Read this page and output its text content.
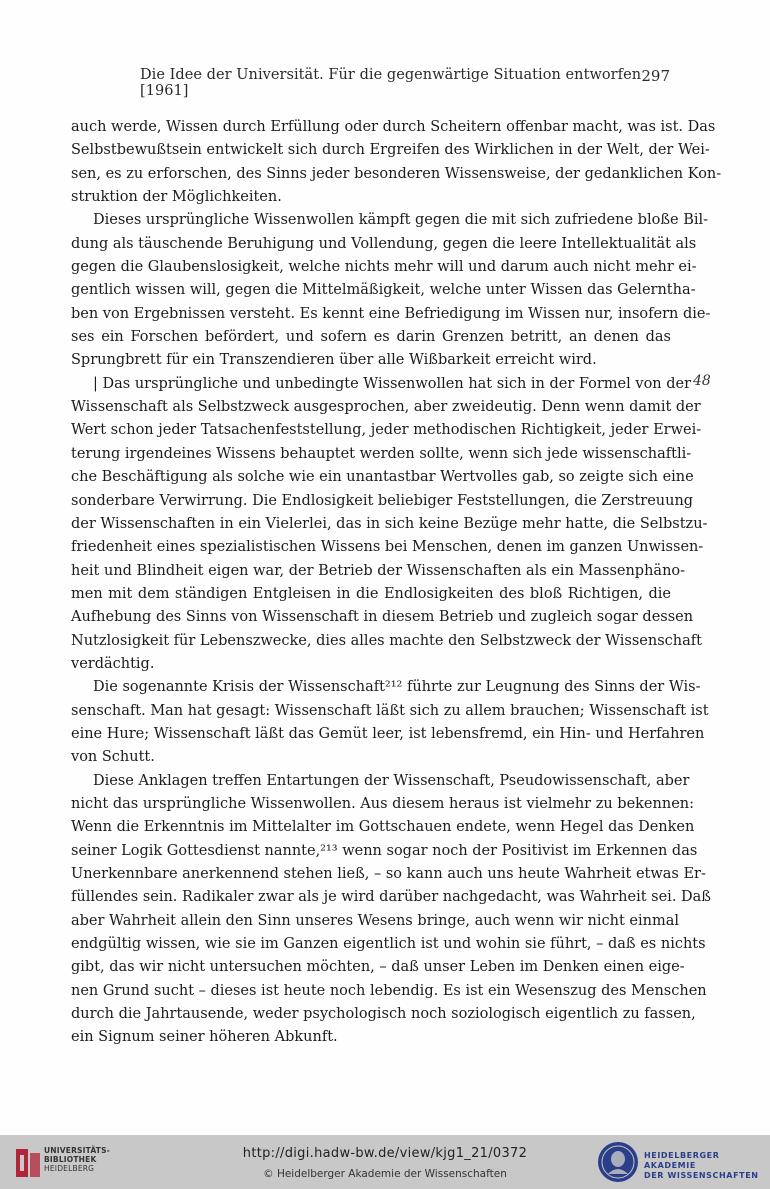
Die Idee der Universität. Für die gegenwärtige Situation entworfen [1961]
297
48
auch werde, Wissen durch Erfüllung oder durch Scheitern offenbar macht, was ist. Das
Selbstbewußtsein entwickelt sich durch Ergreifen des Wirklichen in der Welt, der Wei-
sen, es zu erforschen, des Sinns jeder besonderen Wissensweise, der gedanklichen Kon-
struktion der Möglichkeiten.
Dieses ursprüngliche Wissenwollen kämpft gegen die mit sich zufriedene bloße Bil-
dung als täuschende Beruhigung und Vollendung, gegen die leere Intellektualität als
gegen die Glaubenslosigkeit, welche nichts mehr will und darum auch nicht mehr ei-
gentlich wissen will, gegen die Mittelmäßigkeit, welche unter Wissen das Gelerntha-
ben von Ergebnissen versteht. Es kennt eine Befriedigung im Wissen nur, insofern die-
ses ein Forschen befördert, und sofern es darin Grenzen betritt, an denen das
Sprungbrett für ein Transzendieren über alle Wißbarkeit erreicht wird.
| Das ursprüngliche und unbedingte Wissenwollen hat sich in der Formel von der
Wissenschaft als Selbstzweck ausgesprochen, aber zweideutig. Denn wenn damit der
Wert schon jeder Tatsachenfeststellung, jeder methodischen Richtigkeit, jeder Erwei-
terung irgendeines Wissens behauptet werden sollte, wenn sich jede wissenschaftli-
che Beschäftigung als solche wie ein unantastbar Wertvolles gab, so zeigte sich eine
sonderbare Verwirrung. Die Endlosigkeit beliebiger Feststellungen, die Zerstreuung
der Wissenschaften in ein Vielerlei, das in sich keine Bezüge mehr hatte, die Selbstzu-
friedenheit eines spezialistischen Wissens bei Menschen, denen im ganzen Unwissen-
heit und Blindheit eigen war, der Betrieb der Wissenschaften als ein Massenphäno-
men mit dem ständigen Entgleisen in die Endlosigkeiten des bloß Richtigen, die
Aufhebung des Sinns von Wissenschaft in diesem Betrieb und zugleich sogar dessen
Nutzlosigkeit für Lebenszwecke, dies alles machte den Selbstzweck der Wissenschaft
verdächtig.
Die sogenannte Krisis der Wissenschaft²¹² führte zur Leugnung des Sinns der Wis-
senschaft. Man hat gesagt: Wissenschaft läßt sich zu allem brauchen; Wissenschaft ist
eine Hure; Wissenschaft läßt das Gemüt leer, ist lebensfremd, ein Hin- und Herfahren
von Schutt.
Diese Anklagen treffen Entartungen der Wissenschaft, Pseudowissenschaft, aber
nicht das ursprüngliche Wissenwollen. Aus diesem heraus ist vielmehr zu bekennen:
Wenn die Erkenntnis im Mittelalter im Gottschauen endete, wenn Hegel das Denken
seiner Logik Gottesdienst nannte,²¹³ wenn sogar noch der Positivist im Erkennen das
Unerkennbare anerkennend stehen ließ, – so kann auch uns heute Wahrheit etwas Er-
füllendes sein. Radikaler zwar als je wird darüber nachgedacht, was Wahrheit sei. Daß
aber Wahrheit allein den Sinn unseres Wesens bringe, auch wenn wir nicht einmal
endgültig wissen, wie sie im Ganzen eigentlich ist und wohin sie führt, – daß es nichts
gibt, das wir nicht untersuchen möchten, – daß unser Leben im Denken einen eige-
nen Grund sucht – dieses ist heute noch lebendig. Es ist ein Wesenszug des Menschen
durch die Jahrtausende, weder psychologisch noch soziologisch eigentlich zu fassen,
ein Signum seiner höheren Abkunft.
UNIVERSITÄTS-
BIBLIOTHEK
HEIDELBERG
http://digi.hadw-bw.de/view/kjg1_21/0372
© Heidelberger Akademie der Wissenschaften
HEIDELBERGER AKADEMIE
DER WISSENSCHAFTEN
